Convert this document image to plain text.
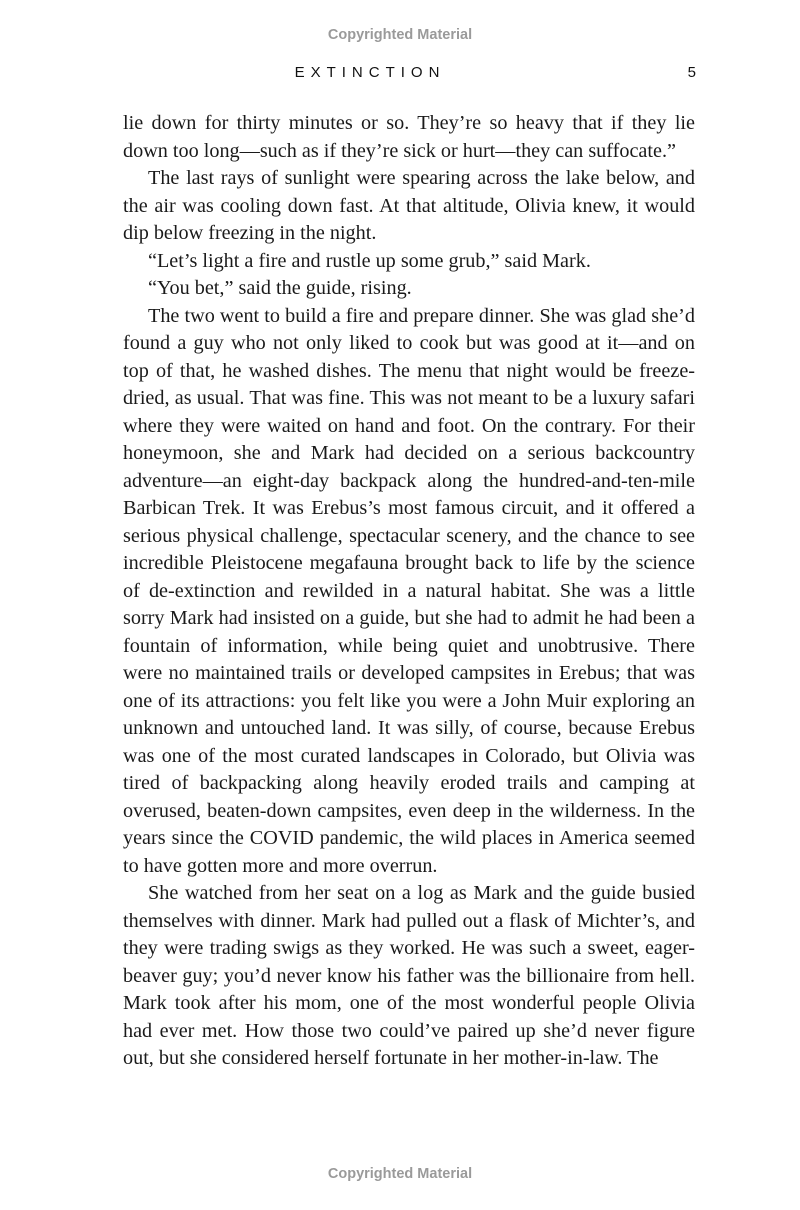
Copyrighted Material
EXTINCTION	5

lie down for thirty minutes or so. They’re so heavy that if they lie down too long—such as if they’re sick or hurt—they can suffocate.”

The last rays of sunlight were spearing across the lake below, and the air was cooling down fast. At that altitude, Olivia knew, it would dip below freezing in the night.

“Let’s light a fire and rustle up some grub,” said Mark.

“You bet,” said the guide, rising.

The two went to build a fire and prepare dinner. She was glad she’d found a guy who not only liked to cook but was good at it—and on top of that, he washed dishes. The menu that night would be freeze-dried, as usual. That was fine. This was not meant to be a luxury safari where they were waited on hand and foot. On the contrary. For their honeymoon, she and Mark had decided on a serious backcountry adventure—an eight-day backpack along the hundred-and-ten-mile Barbican Trek. It was Erebus’s most famous circuit, and it offered a serious physical challenge, spectacular scenery, and the chance to see incredible Pleistocene megafauna brought back to life by the science of de-extinction and rewilded in a natural habitat. She was a little sorry Mark had insisted on a guide, but she had to admit he had been a fountain of information, while being quiet and unobtrusive. There were no maintained trails or developed campsites in Erebus; that was one of its attractions: you felt like you were a John Muir exploring an unknown and untouched land. It was silly, of course, because Erebus was one of the most curated landscapes in Colorado, but Olivia was tired of backpacking along heavily eroded trails and camping at overused, beaten-down campsites, even deep in the wilderness. In the years since the COVID pandemic, the wild places in America seemed to have gotten more and more overrun.

She watched from her seat on a log as Mark and the guide busied themselves with dinner. Mark had pulled out a flask of Michter’s, and they were trading swigs as they worked. He was such a sweet, eager-beaver guy; you’d never know his father was the billionaire from hell. Mark took after his mom, one of the most wonderful people Olivia had ever met. How those two could’ve paired up she’d never figure out, but she considered herself fortunate in her mother-in-law. The

Copyrighted Material
